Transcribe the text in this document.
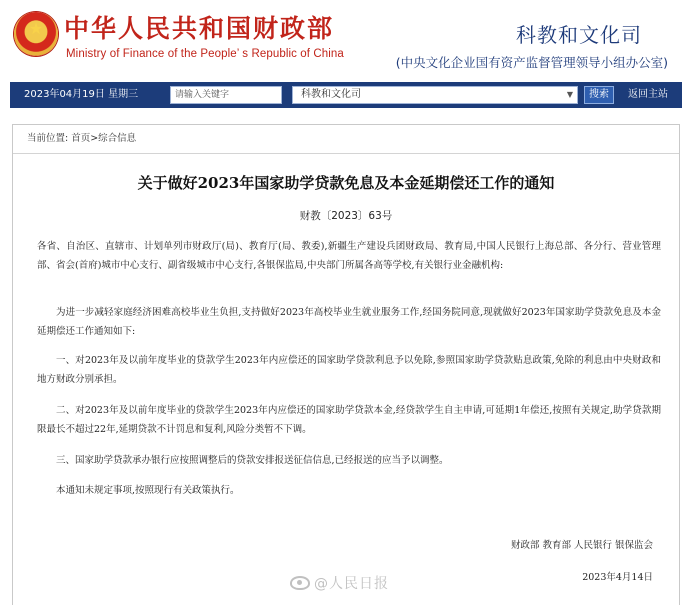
★
中华人民共和国财政部
Ministry of Finance of the People’ s Republic of China
科教和文化司
(中央文化企业国有资产监督管理领导小组办公室)
2023年04月19日 星期三
请输入关键字	科教和文化司	▼	搜索	返回主站
当前位置: 首页>综合信息
关于做好2023年国家助学贷款免息及本金延期偿还工作的通知
财教〔2023〕63号
各省、自治区、直辖市、计划单列市财政厅(局)、教育厅(局、教委),新疆生产建设兵团财政局、教育局,中国人民银行上海总部、各分行、营业管理部、省会(首府)城市中心支行、副省级城市中心支行,各银保监局,中央部门所属各高等学校,有关银行业金融机构:
为进一步减轻家庭经济困难高校毕业生负担,支持做好2023年高校毕业生就业服务工作,经国务院同意,现就做好2023年国家助学贷款免息及本金延期偿还工作通知如下:
一、对2023年及以前年度毕业的贷款学生2023年内应偿还的国家助学贷款利息予以免除,参照国家助学贷款贴息政策,免除的利息由中央财政和地方财政分别承担。
二、对2023年及以前年度毕业的贷款学生2023年内应偿还的国家助学贷款本金,经贷款学生自主申请,可延期1年偿还,按照有关规定,助学贷款期限最长不超过22年,延期贷款不计罚息和复利,风险分类暂不下调。
三、国家助学贷款承办银行应按照调整后的贷款安排报送征信信息,已经报送的应当予以调整。
本通知未规定事项,按照现行有关政策执行。
财政部 教育部 人民银行 银保监会
2023年4月14日
@人民日报
